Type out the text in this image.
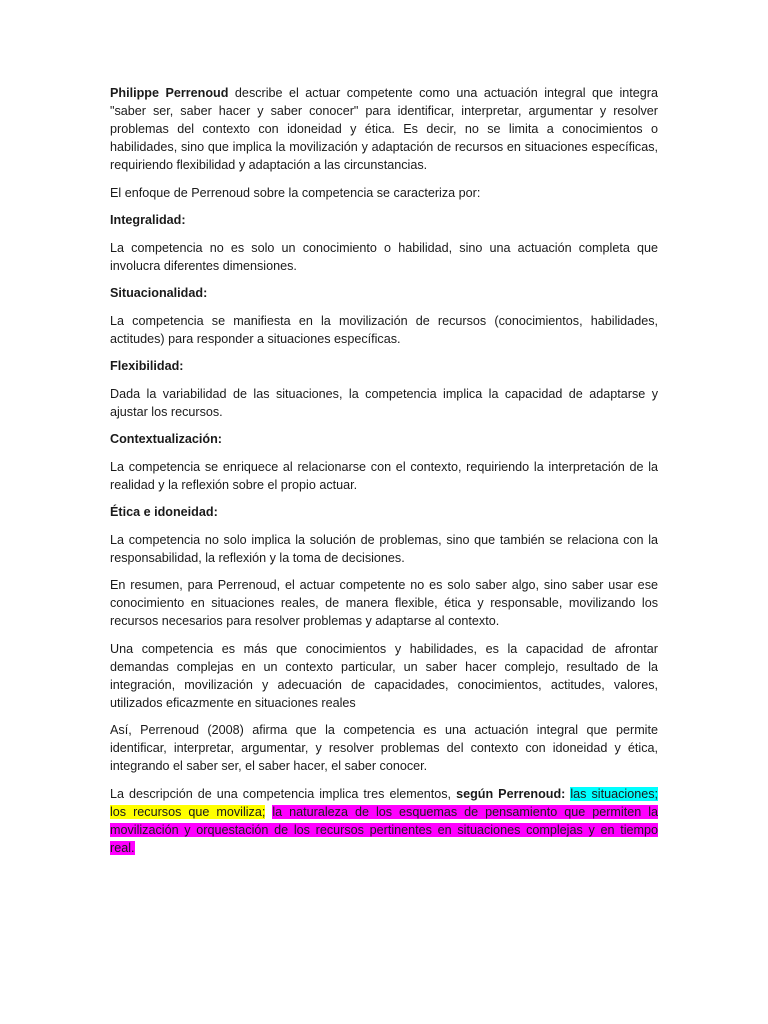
Philippe Perrenoud describe el actuar competente como una actuación integral que integra "saber ser, saber hacer y saber conocer" para identificar, interpretar, argumentar y resolver problemas del contexto con idoneidad y ética. Es decir, no se limita a conocimientos o habilidades, sino que implica la movilización y adaptación de recursos en situaciones específicas, requiriendo flexibilidad y adaptación a las circunstancias.

El enfoque de Perrenoud sobre la competencia se caracteriza por:

Integralidad:

La competencia no es solo un conocimiento o habilidad, sino una actuación completa que involucra diferentes dimensiones.

Situacionalidad:

La competencia se manifiesta en la movilización de recursos (conocimientos, habilidades, actitudes) para responder a situaciones específicas.

Flexibilidad:

Dada la variabilidad de las situaciones, la competencia implica la capacidad de adaptarse y ajustar los recursos.

Contextualización:

La competencia se enriquece al relacionarse con el contexto, requiriendo la interpretación de la realidad y la reflexión sobre el propio actuar.

Ética e idoneidad:

La competencia no solo implica la solución de problemas, sino que también se relaciona con la responsabilidad, la reflexión y la toma de decisiones.

En resumen, para Perrenoud, el actuar competente no es solo saber algo, sino saber usar ese conocimiento en situaciones reales, de manera flexible, ética y responsable, movilizando los recursos necesarios para resolver problemas y adaptarse al contexto.

Una competencia es más que conocimientos y habilidades, es la capacidad de afrontar demandas complejas en un contexto particular, un saber hacer complejo, resultado de la integración, movilización y adecuación de capacidades, conocimientos, actitudes, valores, utilizados eficazmente en situaciones reales

Así, Perrenoud (2008) afirma que la competencia es una actuación integral que permite identificar, interpretar, argumentar, y resolver problemas del contexto con idoneidad y ética, integrando el saber ser, el saber hacer, el saber conocer.

La descripción de una competencia implica tres elementos, según Perrenoud: las situaciones; los recursos que moviliza; la naturaleza de los esquemas de pensamiento que permiten la movilización y orquestación de los recursos pertinentes en situaciones complejas y en tiempo real.
